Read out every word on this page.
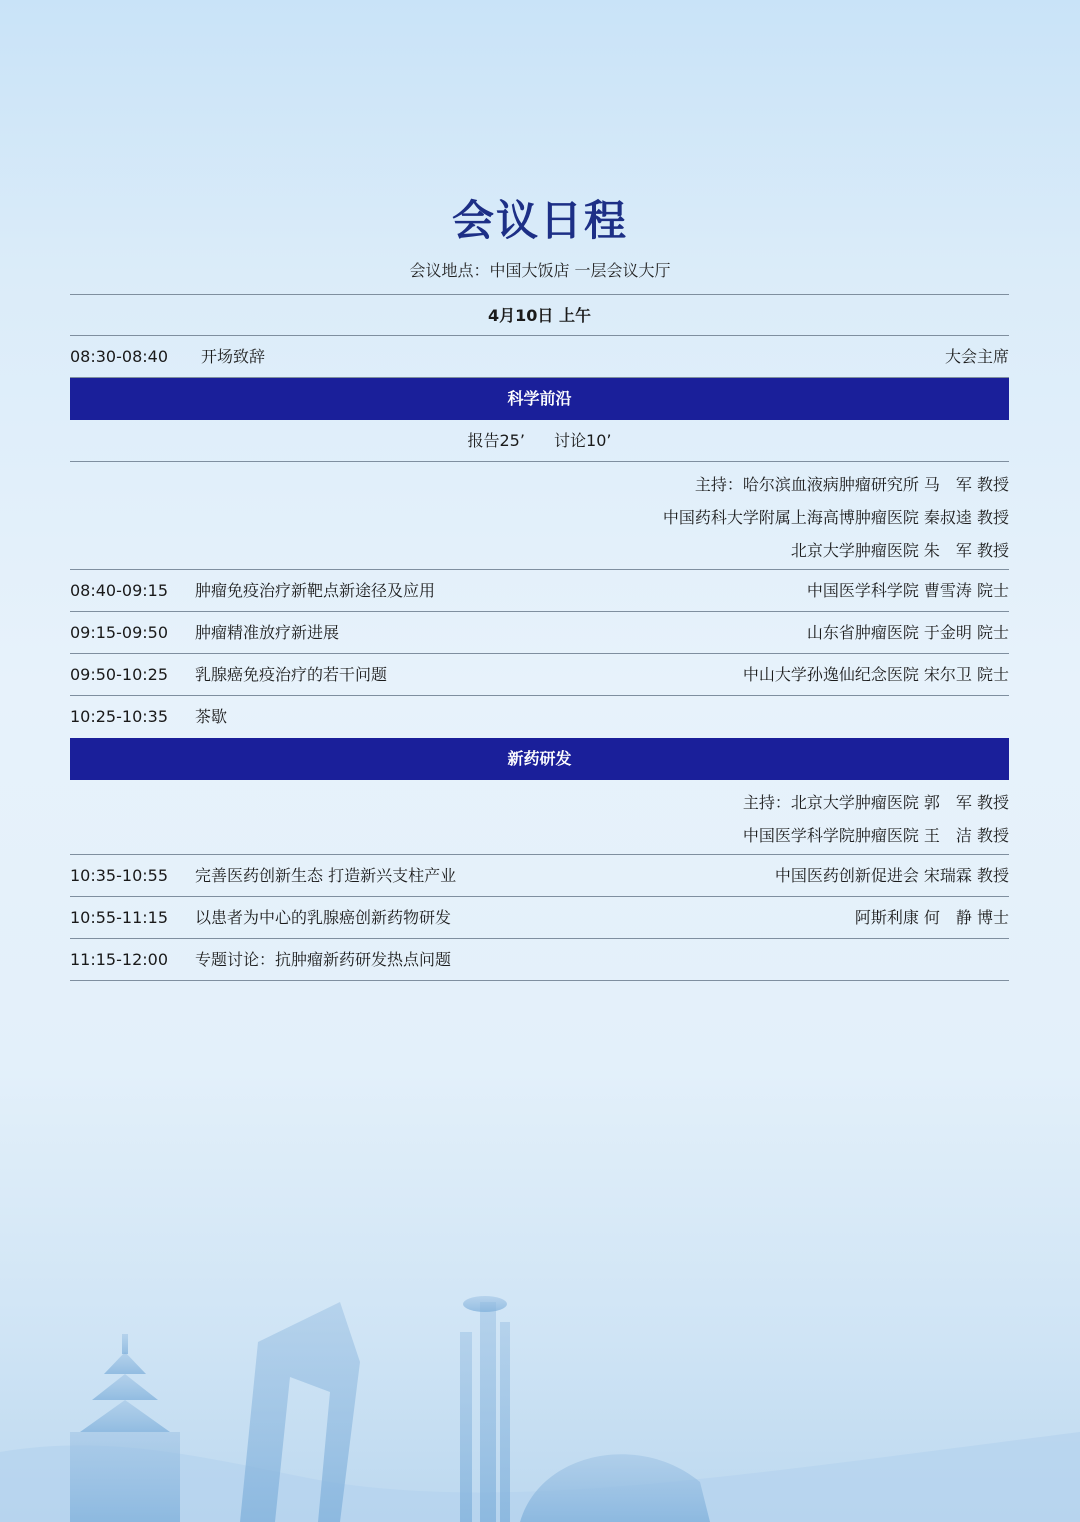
会议日程
会议地点：中国大饭店 一层会议大厅
4月10日 上午
08:30-08:40 开场致辞	大会主席
科学前沿
报告25’ 讨论10’
主持：哈尔滨血液病肿瘤研究所 马　军 教授
中国药科大学附属上海高博肿瘤医院 秦叔逵 教授
北京大学肿瘤医院 朱　军 教授
08:40-09:15 肿瘤免疫治疗新靶点新途径及应用	中国医学科学院 曹雪涛 院士
09:15-09:50 肿瘤精准放疗新进展	山东省肿瘤医院 于金明 院士
09:50-10:25 乳腺癌免疫治疗的若干问题	中山大学孙逸仙纪念医院 宋尔卫 院士
10:25-10:35 茶歇
新药研发
主持：北京大学肿瘤医院 郭　军 教授
中国医学科学院肿瘤医院 王　洁 教授
10:35-10:55 完善医药创新生态 打造新兴支柱产业	中国医药创新促进会 宋瑞霖 教授
10:55-11:15 以患者为中心的乳腺癌创新药物研发	阿斯利康 何　静 博士
11:15-12:00 专题讨论：抗肿瘤新药研发热点问题
